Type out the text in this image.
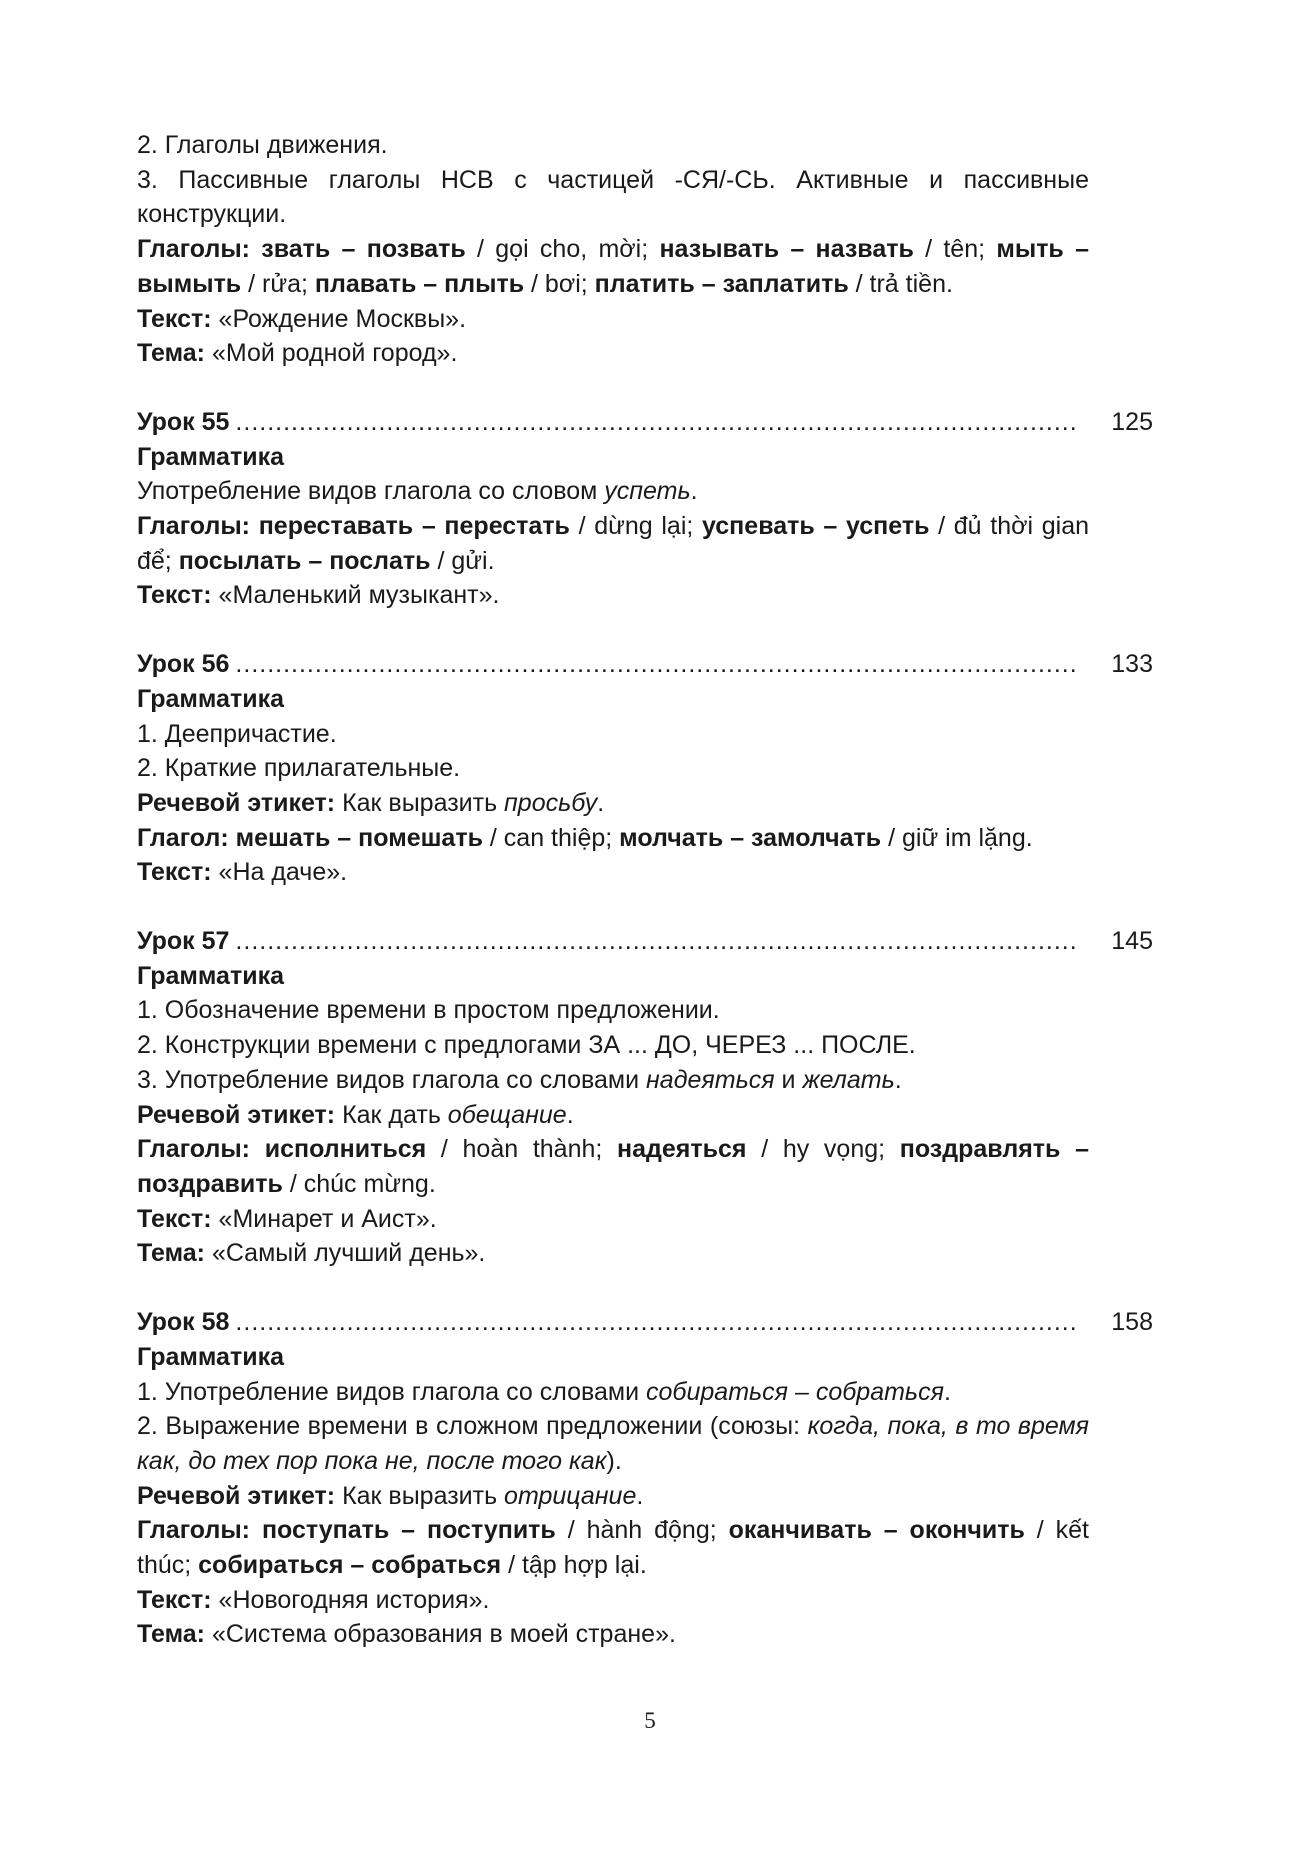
2. Глаголы движения.
3. Пассивные глаголы НСВ с частицей -СЯ/-СЬ. Активные и пассивные конструкции.
Глаголы: звать – позвать / gọi cho, mời; называть – назвать / tên; мыть – вымыть / rửa; плавать – плыть / bơi; платить – заплатить / trả tiền.
Текст: «Рождение Москвы».
Тема: «Мой родной город».
Урок 55 .....	125
Грамматика
Употребление видов глагола со словом успеть.
Глаголы: переставать – перестать / dừng lại; успевать – успеть / đủ thời gian để; посылать – послать / gửi.
Текст: «Маленький музыкант».
Урок 56 .....	133
Грамматика
1. Деепричастие.
2. Краткие прилагательные.
Речевой этикет: Как выразить просьбу.
Глагол: мешать – помешать / can thiệp; молчать – замолчать / giữ im lặng.
Текст: «На даче».
Урок 57 .....	145
Грамматика
1. Обозначение времени в простом предложении.
2. Конструкции времени с предлогами ЗА ... ДО, ЧЕРЕЗ ... ПОСЛЕ.
3. Употребление видов глагола со словами надеяться и желать.
Речевой этикет: Как дать обещание.
Глаголы: исполниться / hoàn thành; надеяться / hy vọng; поздравлять – поздравить / chúc mừng.
Текст: «Минарет и Аист».
Тема: «Самый лучший день».
Урок 58 .....	158
Грамматика
1. Употребление видов глагола со словами собираться – собраться.
2. Выражение времени в сложном предложении (союзы: когда, пока, в то время как, до тех пор пока не, после того как).
Речевой этикет: Как выразить отрицание.
Глаголы: поступать – поступить / hành động; оканчивать – окончить / kết thúc; собираться – собраться / tập hợp lại.
Текст: «Новогодняя история».
Тема: «Система образования в моей стране».
5
